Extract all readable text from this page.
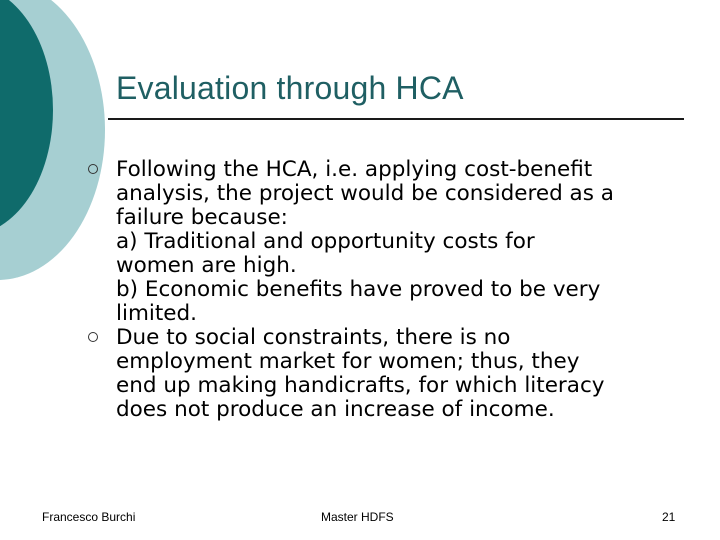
Evaluation through HCA
Following the HCA, i.e. applying cost-benefit
analysis, the project would be considered as a
failure because:
a) Traditional and opportunity costs for
women are high.
b) Economic benefits have proved to be very
limited.
Due to social constraints, there is no
employment market for women; thus, they
end up making handicrafts, for which literacy
does not produce an increase of income.
Francesco Burchi	Master HDFS	21
